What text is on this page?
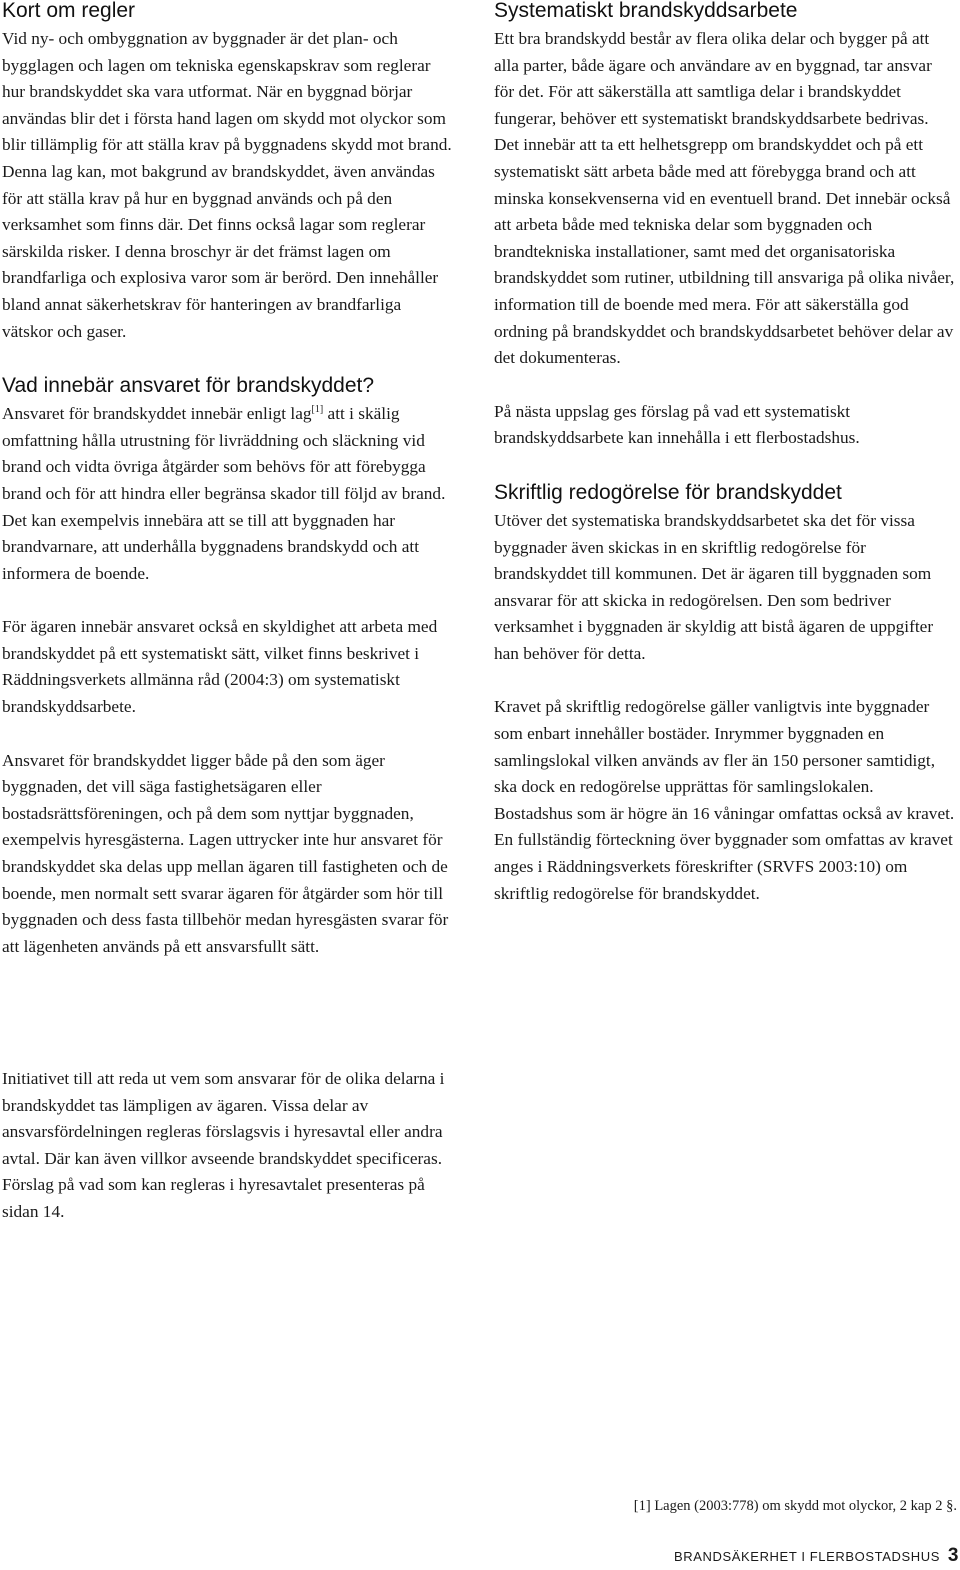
Kort om regler

Vid ny- och ombyggnation av byggnader är det plan- och bygglagen och lagen om tekniska egenskapskrav som reglerar hur brandskyddet ska vara utformat. När en byggnad börjar användas blir det i första hand lagen om skydd mot olyckor som blir tillämplig för att ställa krav på byggnadens skydd mot brand. Denna lag kan, mot bakgrund av brandskyddet, även användas för att ställa krav på hur en byggnad används och på den verksamhet som finns där. Det finns också lagar som reglerar särskilda risker. I denna broschyr är det främst lagen om brandfarliga och explosiva varor som är berörd. Den innehåller bland annat säkerhetskrav för hanteringen av brandfarliga vätskor och gaser.

Vad innebär ansvaret för brandskyddet?

Ansvaret för brandskyddet innebär enligt lag[1] att i skälig omfattning hålla utrustning för livräddning och släckning vid brand och vidta övriga åtgärder som behövs för att förebygga brand och för att hindra eller begränsa skador till följd av brand. Det kan exempelvis innebära att se till att byggnaden har brandvarnare, att underhålla byggnadens brandskydd och att informera de boende.

För ägaren innebär ansvaret också en skyldighet att arbeta med brandskyddet på ett systematiskt sätt, vilket finns beskrivet i Räddningsverkets allmänna råd (2004:3) om systematiskt brandskyddsarbete.

Ansvaret för brandskyddet ligger både på den som äger byggnaden, det vill säga fastighetsägaren eller bostadsrättsföreningen, och på dem som nyttjar byggnaden, exempelvis hyresgästerna. Lagen uttrycker inte hur ansvaret för brandskyddet ska delas upp mellan ägaren till fastigheten och de boende, men normalt sett svarar ägaren för åtgärder som hör till byggnaden och dess fasta tillbehör medan hyresgästen svarar för att lägenheten används på ett ansvarsfullt sätt.

Initiativet till att reda ut vem som ansvarar för de olika delarna i brandskyddet tas lämpligen av ägaren. Vissa delar av ansvarsfördelningen regleras förslagsvis i hyresavtal eller andra avtal. Där kan även villkor avseende brandskyddet specificeras. Förslag på vad som kan regleras i hyresavtalet presenteras på sidan 14.

Systematiskt brandskyddsarbete

Ett bra brandskydd består av flera olika delar och bygger på att alla parter, både ägare och användare av en byggnad, tar ansvar för det. För att säkerställa att samtliga delar i brandskyddet fungerar, behöver ett systematiskt brandskyddsarbete bedrivas. Det innebär att ta ett helhetsgrepp om brandskyddet och på ett systematiskt sätt arbeta både med att förebygga brand och att minska konsekvenserna vid en eventuell brand. Det innebär också att arbeta både med tekniska delar som byggnaden och brandtekniska installationer, samt med det organisatoriska brandskyddet som rutiner, utbildning till ansvariga på olika nivåer, information till de boende med mera. För att säkerställa god ordning på brandskyddet och brandskyddsarbetet behöver delar av det dokumenteras.

På nästa uppslag ges förslag på vad ett systematiskt brandskyddsarbete kan innehålla i ett flerbostadshus.

Skriftlig redogörelse för brandskyddet

Utöver det systematiska brandskyddsarbetet ska det för vissa byggnader även skickas in en skriftlig redogörelse för brandskyddet till kommunen. Det är ägaren till byggnaden som ansvarar för att skicka in redogörelsen. Den som bedriver verksamhet i byggnaden är skyldig att bistå ägaren de uppgifter han behöver för detta.

Kravet på skriftlig redogörelse gäller vanligtvis inte byggnader som enbart innehåller bostäder. Inrymmer byggnaden en samlingslokal vilken används av fler än 150 personer samtidigt, ska dock en redogörelse upprättas för samlingslokalen. Bostadshus som är högre än 16 våningar omfattas också av kravet. En fullständig förteckning över byggnader som omfattas av kravet anges i Räddningsverkets föreskrifter (SRVFS 2003:10) om skriftlig redogörelse för brandskyddet.

[1] Lagen (2003:778) om skydd mot olyckor, 2 kap 2 §.
BRANDSÄKERHET I FLERBOSTADSHUS 3
